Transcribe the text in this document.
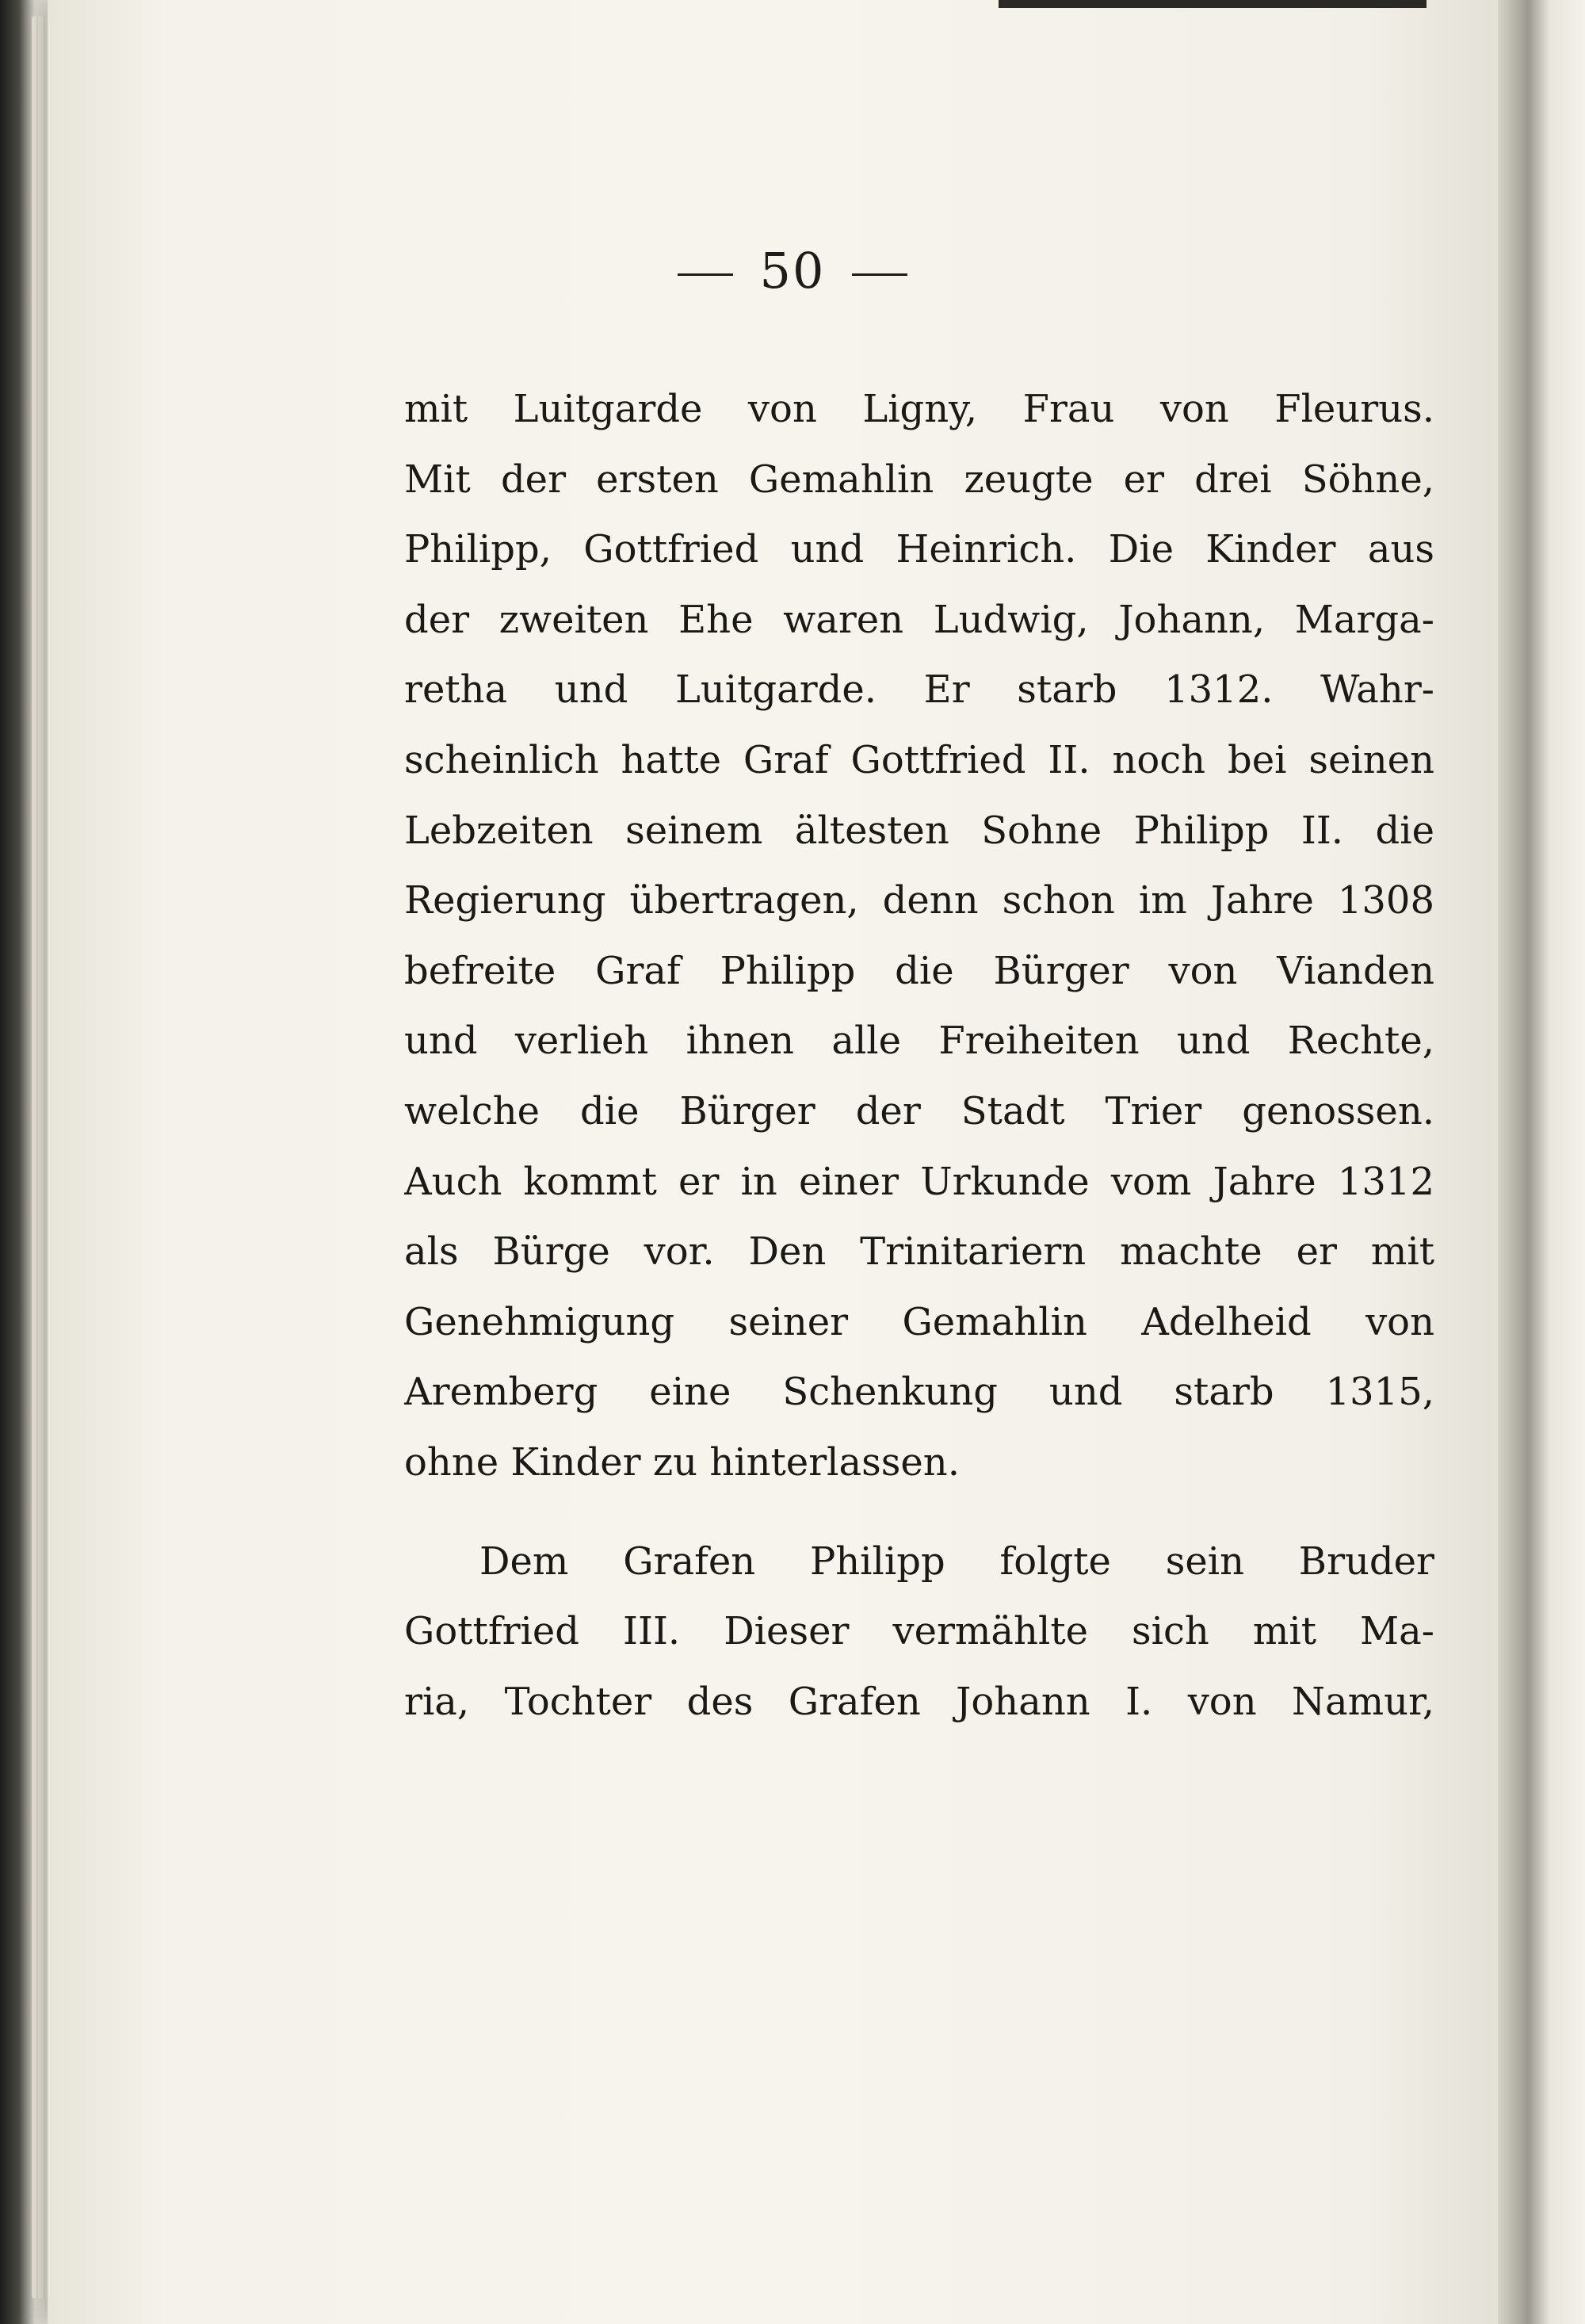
50
mit Luitgarde von Ligny, Frau von Fleurus.
Mit der ersten Gemahlin zeugte er drei Söhne,
Philipp, Gottfried und Heinrich. Die Kinder aus
der zweiten Ehe waren Ludwig, Johann, Marga-
retha und Luitgarde. Er starb 1312. Wahr-
scheinlich hatte Graf Gottfried II. noch bei seinen
Lebzeiten seinem ältesten Sohne Philipp II. die
Regierung übertragen, denn schon im Jahre 1308
befreite Graf Philipp die Bürger von Vianden
und verlieh ihnen alle Freiheiten und Rechte,
welche die Bürger der Stadt Trier genossen.
Auch kommt er in einer Urkunde vom Jahre 1312
als Bürge vor. Den Trinitariern machte er mit
Genehmigung seiner Gemahlin Adelheid von
Aremberg eine Schenkung und starb 1315,
ohne Kinder zu hinterlassen.
Dem Grafen Philipp folgte sein Bruder
Gottfried III. Dieser vermählte sich mit Ma-
ria, Tochter des Grafen Johann I. von Namur,
